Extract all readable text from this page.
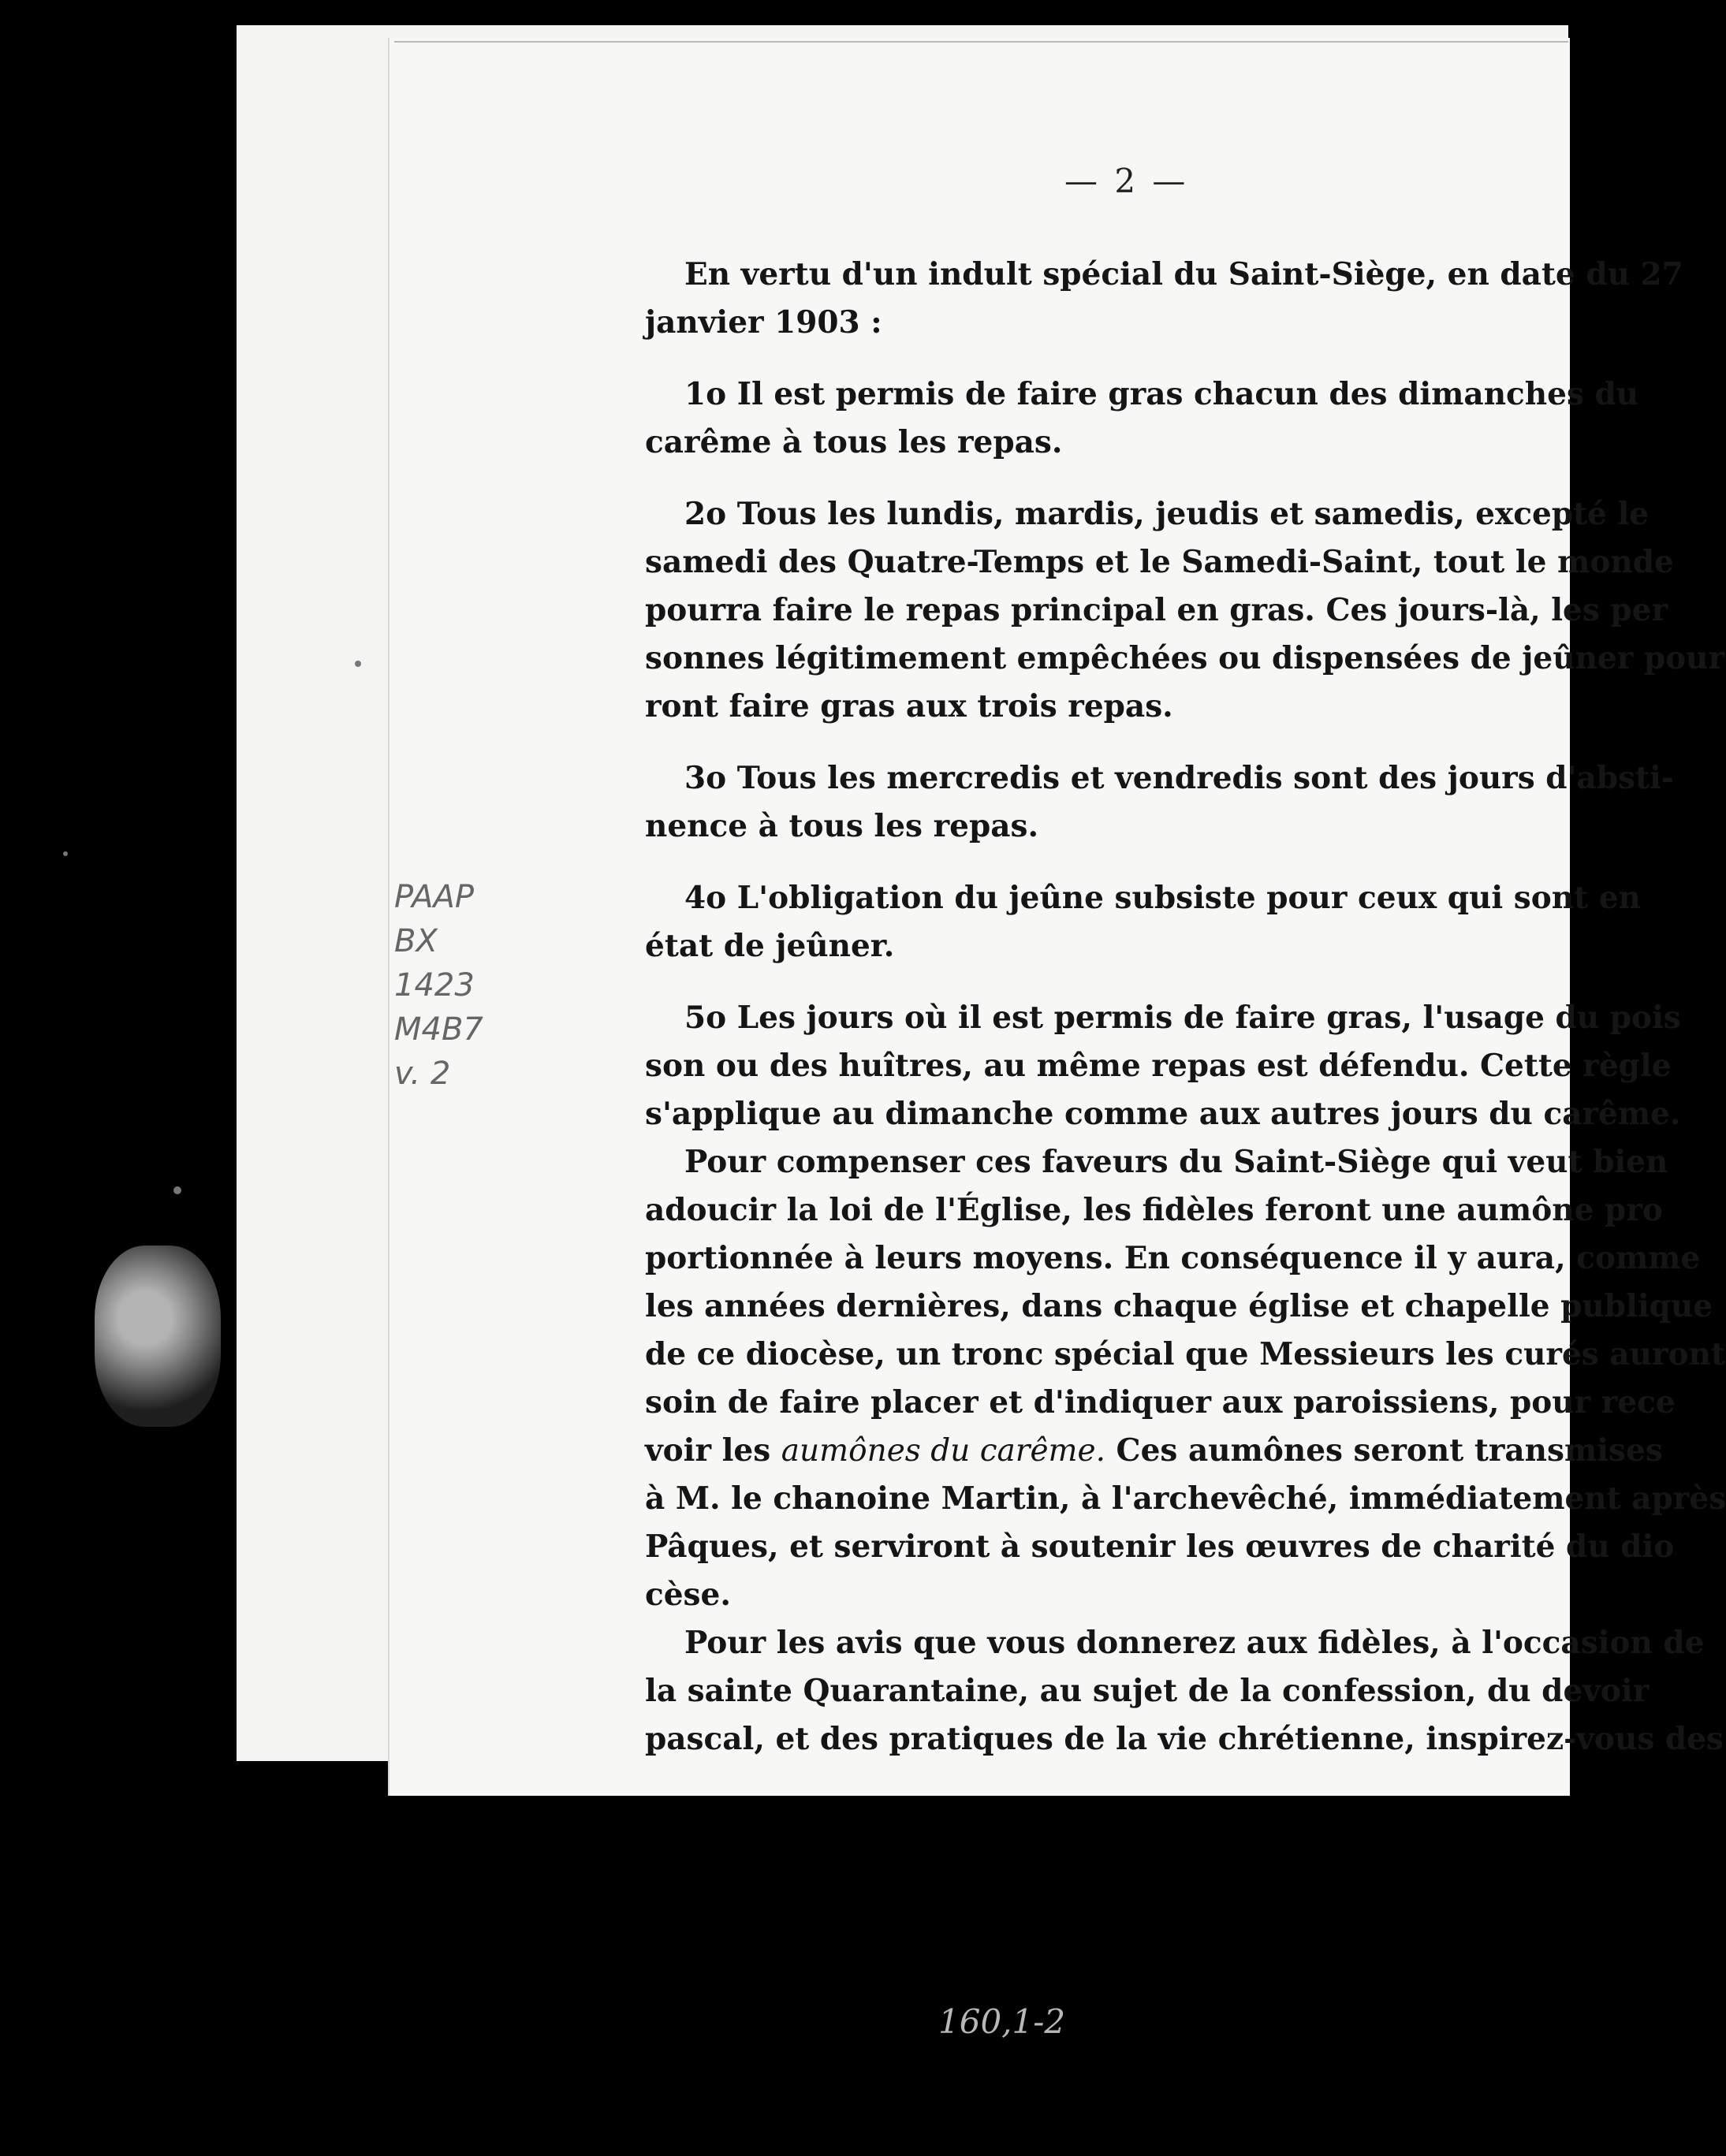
— 2 —
En vertu d'un indult spécial du Saint-Siège, en date du 27
janvier 1903 :
1o Il est permis de faire gras chacun des dimanches du
carême à tous les repas.
2o Tous les lundis, mardis, jeudis et samedis, excepté le
samedi des Quatre-Temps et le Samedi-Saint, tout le monde
pourra faire le repas principal en gras. Ces jours-là, les per
sonnes légitimement empêchées ou dispensées de jeûner pour
ront faire gras aux trois repas.
3o Tous les mercredis et vendredis sont des jours d'absti-
nence à tous les repas.
4o L'obligation du jeûne subsiste pour ceux qui sont en
état de jeûner.
5o Les jours où il est permis de faire gras, l'usage du pois
son ou des huîtres, au même repas est défendu. Cette règle
s'applique au dimanche comme aux autres jours du carême.
Pour compenser ces faveurs du Saint-Siège qui veut bien
adoucir la loi de l'Église, les fidèles feront une aumône pro
portionnée à leurs moyens. En conséquence il y aura, comme
les années dernières, dans chaque église et chapelle publique
de ce diocèse, un tronc spécial que Messieurs les curés auront
soin de faire placer et d'indiquer aux paroissiens, pour rece
voir les aumônes du carême. Ces aumônes seront transmises
à M. le chanoine Martin, à l'archevêché, immédiatement après
Pâques, et serviront à soutenir les œuvres de charité du dio
cèse.
Pour les avis que vous donnerez aux fidèles, à l'occasion de
la sainte Quarantaine, au sujet de la confession, du devoir
pascal, et des pratiques de la vie chrétienne, inspirez-vous des
PAAP
BX
1423
M4B7
v. 2
160,1-2
